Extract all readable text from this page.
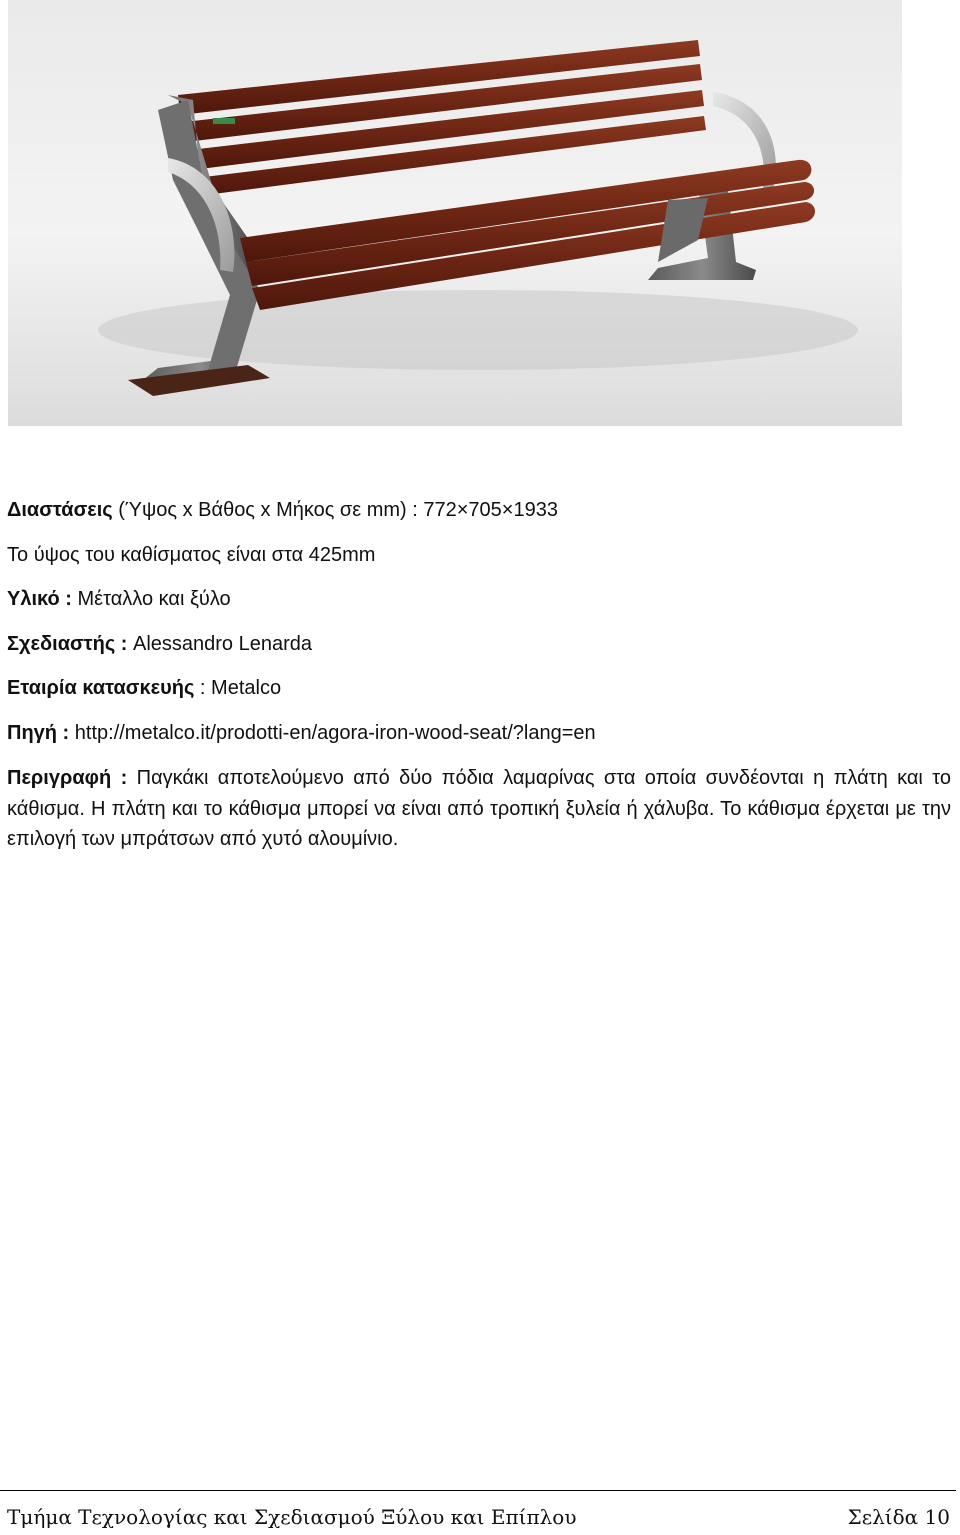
Διαστάσεις (Ύψος x Βάθος x Μήκος σε mm) : 772×705×1933
Το ύψος του καθίσματος είναι στα 425mm
Υλικό : Μέταλλο και ξύλο
Σχεδιαστής : Alessandro Lenarda
Εταιρία κατασκευής : Metalco
Πηγή : http://metalco.it/prodotti-en/agora-iron-wood-seat/?lang=en
Περιγραφή : Παγκάκι αποτελούμενο από δύο πόδια λαμαρίνας στα οποία συνδέονται η πλάτη και το κάθισμα. Η πλάτη και το κάθισμα μπορεί να είναι από τροπική ξυλεία ή χάλυβα. Το κάθισμα έρχεται με την επιλογή των μπράτσων από χυτό αλουμίνιο.
Τμήμα Τεχνολογίας και Σχεδιασμού Ξύλου και Επίπλου	Σελίδα 10
